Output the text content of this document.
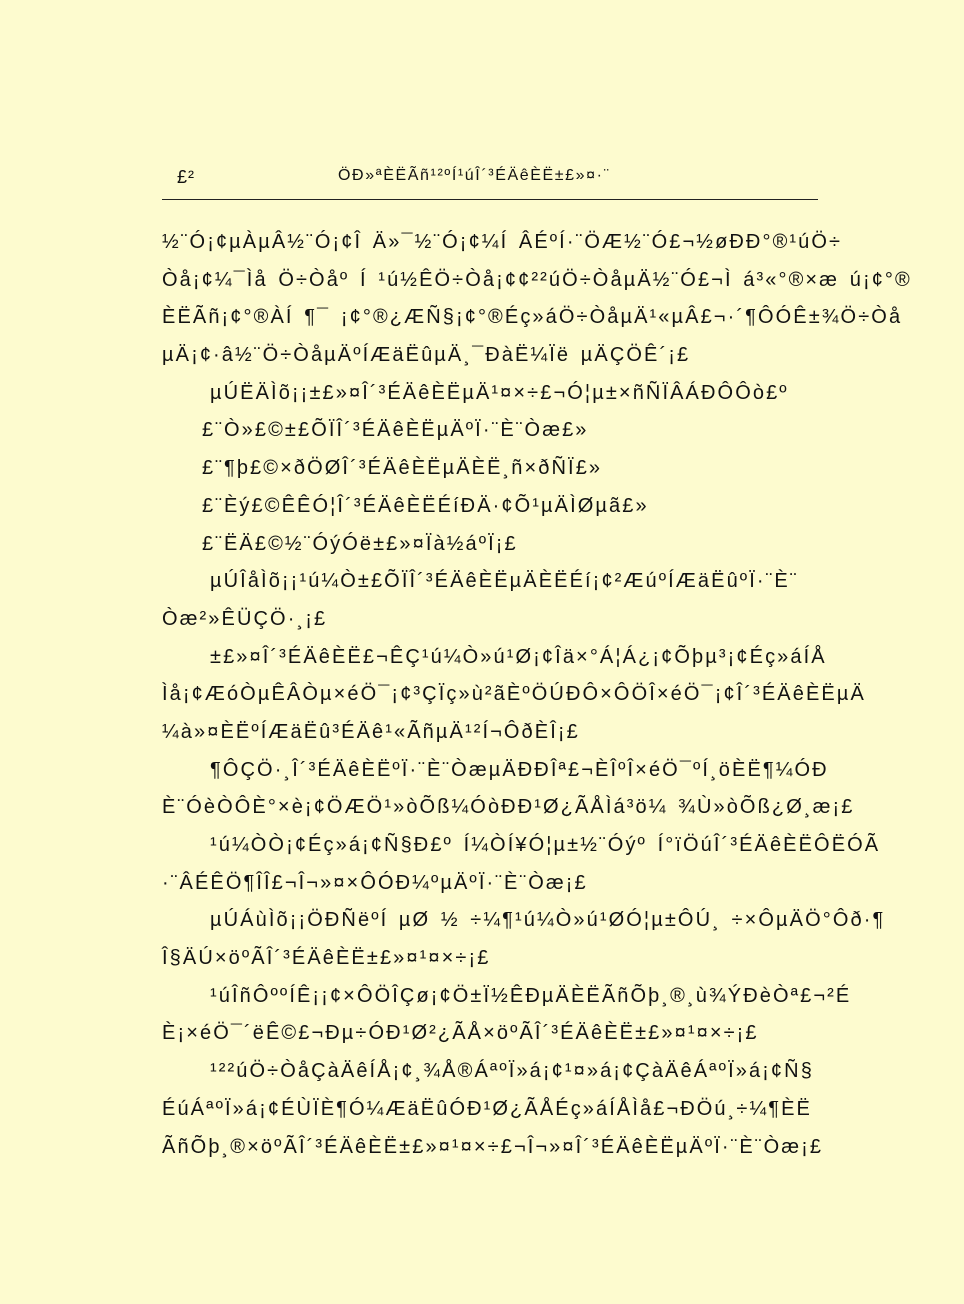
£²	ÖÐ»ªÈËÃñ¹²ºÍ¹úÎ´³ÉÄêÈË±£»¤·¨
½¨Ó¡¢µÀµÂ½¨Ó¡¢Î Ä»¯½¨Ó¡¢¼Í ÂÉºÍ·¨ÖÆ½¨Ó£¬½øÐÐ°®¹úÖ÷
Òå¡¢¼¯Ìå Ö÷Òåº Í ¹ú½ÊÖ÷Òå¡¢¢²²úÖ÷ÒåµÄ½¨Ó£¬Ì á³«°®×æ ú¡¢°®
ÈËÃñ¡¢°®ÀÍ ¶¯ ¡¢°®¿ÆÑ§¡¢°®Éç»áÖ÷ÒåµÄ¹«µÂ£¬·´¶ÔÓÊ±¾Ö÷Òå
µÄ¡¢·â½¨Ö÷ÒåµÄºÍÆäËûµÄ¸¯ÐàË¼Ïë µÄÇÖÊ´¡£
µÚËÄÌõ¡¡±£»¤Î´³ÉÄêÈËµÄ¹¤×÷£¬Ó¦µ±×ñÑÏÂÁÐÔÔò£º
£¨Ò»£©±£ÕÏÎ´³ÉÄêÈËµÄºÏ·¨È¨Òæ£»
£¨¶þ£©×ðÖØÎ´³ÉÄêÈËµÄÈË¸ñ×ðÑÏ£»
£¨Èý£©ÊÊÓ¦Î´³ÉÄêÈËÉíÐÄ·¢Õ¹µÄÌØµã£»
£¨ËÄ£©½¨ÓýÓë±£»¤Ïà½áºÏ¡£
µÚÎåÌõ¡¡¹ú¼Ò±£ÕÏÎ´³ÉÄêÈËµÄÈËÉí¡¢²ÆúºÍÆäËûºÏ·¨È¨
Òæ²»ÊÜÇÖ·¸¡£
±£»¤Î´³ÉÄêÈË£¬ÊÇ¹ú¼Ò»ú¹Ø¡¢Îä×°Á¦Á¿¡¢Õþµ³¡¢Éç»áÍÅ
Ìå¡¢ÆóÒµÊÂÒµ×éÖ¯¡¢³ÇÏç»ù²ãÈºÖÚÐÔ×ÔÖÎ×éÖ¯¡¢Î´³ÉÄêÈËµÄ
¼à»¤ÈËºÍÆäËû³ÉÄê¹«ÃñµÄ¹²Í¬ÔðÈÎ¡£
¶ÔÇÖ·¸Î´³ÉÄêÈËºÏ·¨È¨ÒæµÄÐÐÎª£¬ÈÎºÎ×éÖ¯ºÍ¸öÈË¶¼ÓÐ
È¨ÓèÒÔÈ°×è¡¢ÖÆÖ¹»òÕß¼ÓòÐÐ¹Ø¿ÃÅÌá³ö¼ ¾Ù»òÕß¿Ø¸æ¡£
¹ú¼ÒÒ¡¢Éç»á¡¢Ñ§Ð£º Í¼ÒÍ¥Ó¦µ±½¨Óýº Í°ïÖúÎ´³ÉÄêÈËÔËÓÃ
·¨ÂÉÊÖ¶ÎÎ£¬Î¬»¤×ÔÓÐ¼ºµÄºÏ·¨È¨Òæ¡£
µÚÁùÌõ¡¡ÖÐÑëºÍ µØ ½ ÷¼¶¹ú¼Ò»ú¹ØÓ¦µ±ÔÚ¸ ÷×ÔµÄÖ°Ôð·¶
Î§ÄÚ×öºÃÎ´³ÉÄêÈË±£»¤¹¤×÷¡£
¹úÎñÔººÍÊ¡¡¢×ÔÖÎÇø¡¢Ö±Ï½ÊÐµÄÈËÃñÕþ¸®¸ù¾ÝÐèÒª£¬²É
È¡×éÖ¯´ëÊ©£¬Ðµ÷ÓÐ¹Ø²¿ÃÅ×öºÃÎ´³ÉÄêÈË±£»¤¹¤×÷¡£
¹²²úÖ÷ÒåÇàÄêÍÅ¡¢¸¾Å®ÁªºÏ»á¡¢¹¤»á¡¢ÇàÄêÁªºÏ»á¡¢Ñ§
ÉúÁªºÏ»á¡¢ÉÙÏÈ¶Ó¼ÆäËûÓÐ¹Ø¿ÃÅÉç»áÍÅÌå£¬ÐÖú¸÷¼¶ÈË
ÃñÕþ¸®×öºÃÎ´³ÉÄêÈË±£»¤¹¤×÷£¬Î¬»¤Î´³ÉÄêÈËµÄºÏ·¨È¨Òæ¡£
